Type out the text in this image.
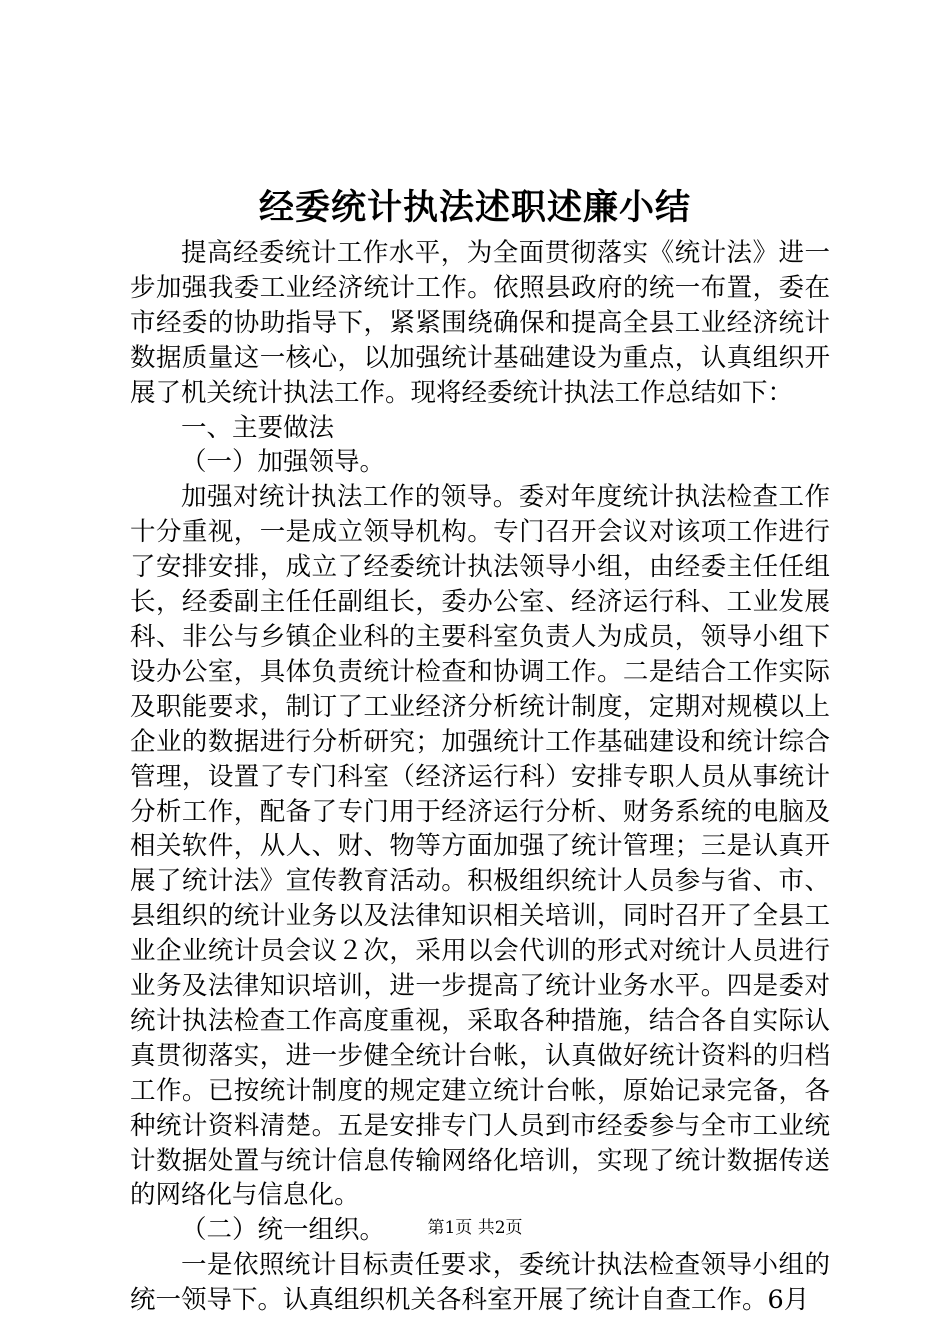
经委统计执法述职述廉小结

提高经委统计工作水平，为全面贯彻落实《统计法》进一步加强我委工业经济统计工作。依照县政府的统一布置，委在市经委的协助指导下，紧紧围绕确保和提高全县工业经济统计数据质量这一核心，以加强统计基础建设为重点，认真组织开展了机关统计执法工作。现将经委统计执法工作总结如下：

一、主要做法

（一）加强领导。

加强对统计执法工作的领导。委对年度统计执法检查工作十分重视，一是成立领导机构。专门召开会议对该项工作进行了安排安排，成立了经委统计执法领导小组，由经委主任任组长，经委副主任任副组长，委办公室、经济运行科、工业发展科、非公与乡镇企业科的主要科室负责人为成员，领导小组下设办公室，具体负责统计检查和协调工作。二是结合工作实际及职能要求，制订了工业经济分析统计制度，定期对规模以上企业的数据进行分析研究；加强统计工作基础建设和统计综合管理，设置了专门科室（经济运行科）安排专职人员从事统计分析工作，配备了专门用于经济运行分析、财务系统的电脑及相关软件，从人、财、物等方面加强了统计管理；三是认真开展了统计法》宣传教育活动。积极组织统计人员参与省、市、县组织的统计业务以及法律知识相关培训，同时召开了全县工业企业统计员会议２次，采用以会代训的形式对统计人员进行业务及法律知识培训，进一步提高了统计业务水平。四是委对统计执法检查工作高度重视，采取各种措施，结合各自实际认真贯彻落实，进一步健全统计台帐，认真做好统计资料的归档工作。已按统计制度的规定建立统计台帐，原始记录完备，各种统计资料清楚。五是安排专门人员到市经委参与全市工业统计数据处置与统计信息传输网络化培训，实现了统计数据传送的网络化与信息化。

（二）统一组织。

一是依照统计目标责任要求，委统计执法检查领导小组的统一领导下。认真组织机关各科室开展了统计自查工作。6月

第1页 共2页
